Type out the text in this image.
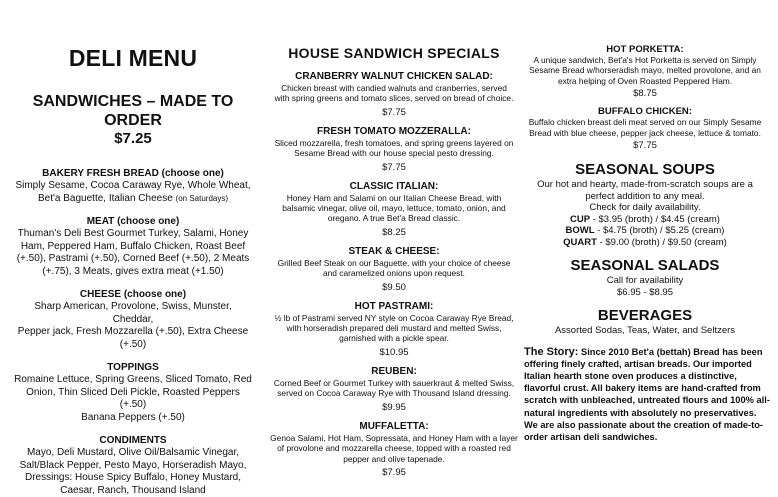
DELI MENU
SANDWICHES – MADE TO ORDER
$7.25
BAKERY FRESH BREAD (choose one)
Simply Sesame, Cocoa Caraway Rye, Whole Wheat,
Bet'a Baguette, Italian Cheese (on Saturdays)
MEAT (choose one)
Thuman's Deli Best Gourmet Turkey, Salami, Honey
Ham, Peppered Ham, Buffalo Chicken, Roast Beef
(+.50), Pastrami (+.50), Corned Beef (+.50), 2 Meats
(+.75), 3 Meats, gives extra meat (+1.50)
CHEESE (choose one)
Sharp American, Provolone, Swiss, Munster, Cheddar,
Pepper jack, Fresh Mozzarella (+.50), Extra Cheese
(+.50)
TOPPINGS
Romaine Lettuce, Spring Greens, Sliced Tomato, Red
Onion, Thin Sliced Deli Pickle, Roasted Peppers (+.50)
Banana Peppers (+.50)
CONDIMENTS
Mayo, Deli Mustard, Olive Oil/Balsamic Vinegar,
Salt/Black Pepper, Pesto Mayo, Horseradish Mayo,
Dressings: House Spicy Buffalo, Honey Mustard,
Caesar, Ranch, Thousand Island
HOUSE SANDWICH SPECIALS
CRANBERRY WALNUT CHICKEN SALAD:
Chicken breast with candied walnuts and cranberries, served
with spring greens and tomato slices, served on bread of choice.
$7.75
FRESH TOMATO MOZZERALLA:
Sliced mozzarella, fresh tomatoes, and spring greens layered on
Sesame Bread with our house special pesto dressing.
$7.75
CLASSIC ITALIAN:
Honey Ham and Salami on our Italian Cheese Bread, with
balsamic vinegar, olive oil, mayo, lettuce, tomato, onion, and
oregano. A true Bet'a Bread classic.
$8.25
STEAK & CHEESE:
Grilled Beef Steak on our Baguette, with your choice of cheese
and caramelized onions upon request.
$9.50
HOT PASTRAMI:
½ lb of Pastrami served NY style on Cocoa Caraway Rye Bread,
with horseradish prepared deli mustard and melted Swiss,
garnished with a pickle spear.
$10.95
REUBEN:
Corned Beef or Gourmet Turkey with sauerkraut & melted Swiss,
served on Cocoa Caraway Rye with Thousand Island dressing.
$9.95
MUFFALETTA:
Genoa Salami, Hot Ham, Sopressata, and Honey Ham with a layer
of provolone and mozzarella cheese, topped with a roasted red
pepper and olive tapenade.
$7.95
HOT PORKETTA:
A unique sandwich, Bet'a's Hot Porketta is served on Simply
Sesame Bread w/horseradish mayo, melted provolone, and an
extra helping of Oven Roasted Peppered Ham.
$8.75
BUFFALO CHICKEN:
Buffalo chicken breast deli meat served on our Simply Sesame
Bread with blue cheese, pepper jack cheese, lettuce & tomato.
$7.75
SEASONAL SOUPS
Our hot and hearty, made-from-scratch soups are a
perfect addition to any meal.
Check for daily availability.
CUP - $3.95 (broth) / $4.45 (cream)
BOWL - $4.75 (broth) / $5.25 (cream)
QUART - $9.00 (broth) / $9.50 (cream)
SEASONAL SALADS
Call for availability
$6.95 - $8.95
BEVERAGES
Assorted Sodas, Teas, Water, and Seltzers
The Story: Since 2010 Bet'a (bettah) Bread has been offering finely crafted, artisan breads. Our imported Italian hearth stone oven produces a distinctive, flavorful crust. All bakery items are hand-crafted from scratch with unbleached, untreated flours and 100% all-natural ingredients with absolutely no preservatives. We are also passionate about the creation of made-to-order artisan deli sandwiches.
